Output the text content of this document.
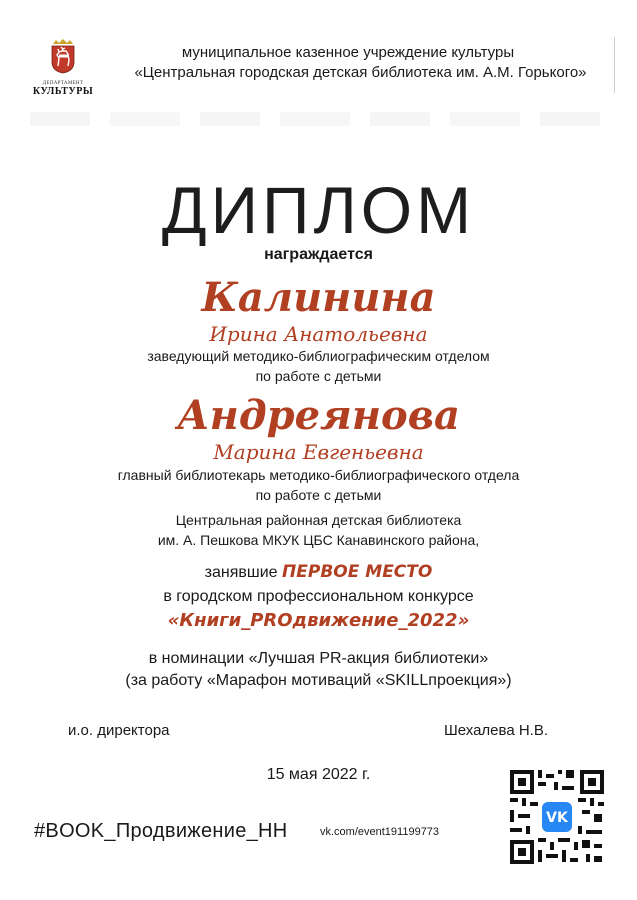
ДЕПАРТАМЕНТ
КУЛЬТУРЫ
муниципальное казенное учреждение культуры
«Центральная городская детская библиотека им. А.М. Горького»
ДИПЛОМ
награждается
Калинина
Ирина Анатольевна
заведующий методико-библиографическим отделом
по работе с детьми
Андреянова
Марина Евгеньевна
главный библиотекарь методико-библиографического отдела
по работе с детьми
Центральная районная детская библиотека
им. А. Пешкова МКУК ЦБС Канавинского района,
занявшие ПЕРВОЕ МЕСТО
в городском профессиональном конкурсе
«Книги_PROдвижение_2022»
в номинации «Лучшая PR-акция библиотеки»
(за работу «Марафон мотиваций «SKILLпроекция»)
и.о. директора	Шехалева Н.В.
15 мая 2022 г.
#BOOK_Продвижение_НН	vk.com/event191199773
VK
